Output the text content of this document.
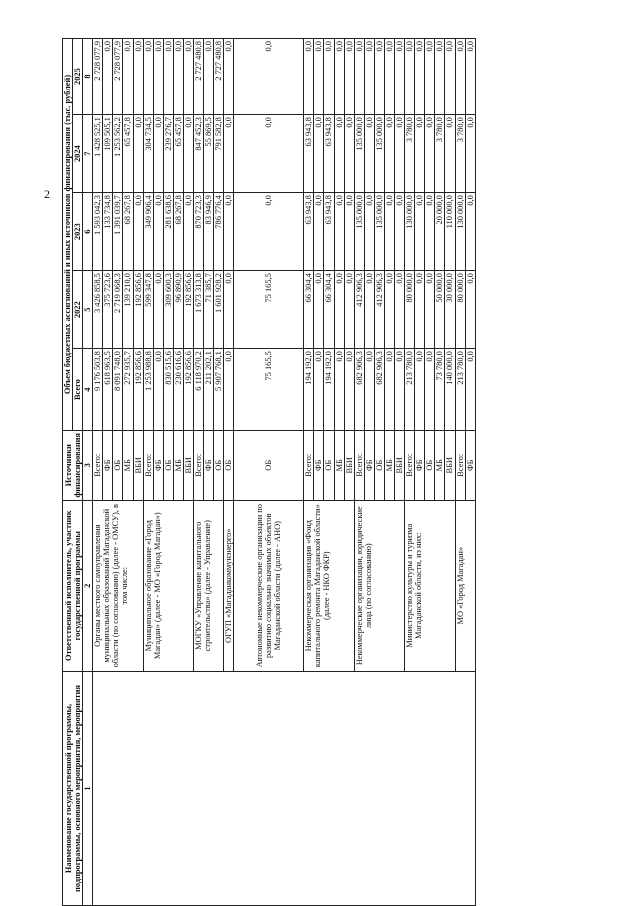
2
Наименование государственной программы, подпрограммы, основного мероприятия, мероприятия	Ответственный исполнитель, участник государственной программы	Источники финансирования	Объем бюджетных ассигнований и иных источников финансирования (тыс. рублей)				
			Всего	2022	2023	2024	2025
1	2	3	4	5	6	7	8
	Органы местного самоуправления муниципальных образований Магаданской области (по согласованию) (далее - ОМСУ), в том числе:	Всего:	9 176 503,8	3 426 858,5	1 593 042,3	1 428 525,1	2 728 077,9
		ФБ	618 963,5	375 723,6	133 734,8	109 505,1	0,0
		ОБ	8 091 748,0	2 719 068,3	1 391 039,7	1 253 562,2	2 728 077,9
		МБ	272 935,7	139 210,0	68 267,8	65 457,8	0,0
		ВБИ	192 856,6	192 856,6	0,0	0,0	0,0
	Муниципальное образование «Город Магадан» (далее - МО «Город Магадан»)	Всего:	1 253 988,8	599 347,8	349 906,4	304 734,5	0,0
		ФБ	0,0	0,0	0,0	0,0	0,0
		ОБ	830 515,6	309 600,3	281 638,6	239 276,7	0,0
		МБ	230 616,6	96 890,9	68 267,8	65 457,8	0,0
		ВБИ	192 856,6	192 856,6	0,0	0,0	0,0
	МОГКУ «Управление капитального строительства» (далее - Управление)	Всего:	6 118 970,2	1 673 313,8	870 723,3	847 452,3	2 727 480,8
		ФБ	211 202,1	71 385,7	83 946,9	55 869,5	0,0
		ОБ	5 907 768,1	1 601 928,2	786 776,4	791 582,8	2 727 480,8
	ОГУП «Магаданкоммунэнерго»	ОБ	0,0	0,0	0,0	0,0	0,0
	Автономные некоммерческие организации по развитию социально значимых объектов Магаданской области (далее - АНО)	ОБ	75 165,5	75 165,5	0,0	0,0	0,0
	Некоммерческая организация «Фонд капитального ремонта Магаданской области» (далее - НКО ФКР)	Всего:	194 192,0	66 304,4	63 943,8	63 943,8	0,0
		ФБ	0,0	0,0	0,0	0,0	0,0
		ОБ	194 192,0	66 304,4	63 943,8	63 943,8	0,0
		МБ	0,0	0,0	0,0	0,0	0,0
		ВБИ	0,0	0,0	0,0	0,0	0,0
	Некоммерческие организации, юридические лица (по согласованию)	Всего:	682 906,3	412 906,3	135 000,0	135 000,0	0,0
		ФБ	0,0	0,0	0,0	0,0	0,0
		ОБ	682 906,3	412 906,3	135 000,0	135 000,0	0,0
		МБ	0,0	0,0	0,0	0,0	0,0
		ВБИ	0,0	0,0	0,0	0,0	0,0
	Министерство культуры и туризма Магаданской области, из них:	Всего:	213 780,0	80 000,0	130 000,0	3 780,0	0,0
		ФБ	0,0	0,0	0,0	0,0	0,0
		ОБ	0,0	0,0	0,0	0,0	0,0
		МБ	73 780,0	50 000,0	20 000,0	3 780,0	0,0
		ВБИ	140 000,0	30 000,0	110 000,0	0,0	0,0
	МО «Город Магадан»	Всего:	213 780,0	80 000,0	130 000,0	3 780,0	0,0
		ФБ	0,0	0,0	0,0	0,0	0,0
